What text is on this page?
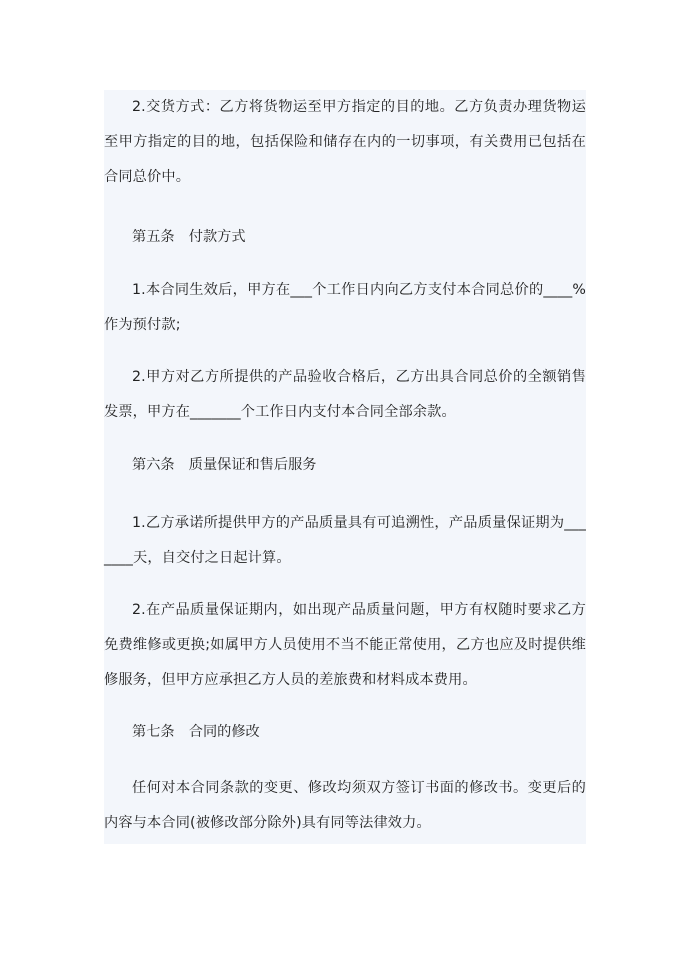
2.交货方式：乙方将货物运至甲方指定的目的地。乙方负责办理货物运至甲方指定的目的地，包括保险和储存在内的一切事项，有关费用已包括在合同总价中。

第五条　付款方式

1.本合同生效后，甲方在___个工作日内向乙方支付本合同总价的____% 作为预付款;

2.甲方对乙方所提供的产品验收合格后，乙方出具合同总价的全额销售发票，甲方在_______个工作日内支付本合同全部余款。

第六条　质量保证和售后服务

1.乙方承诺所提供甲方的产品质量具有可追溯性，产品质量保证期为_______天，自交付之日起计算。

2.在产品质量保证期内，如出现产品质量问题，甲方有权随时要求乙方免费维修或更换;如属甲方人员使用不当不能正常使用，乙方也应及时提供维修服务，但甲方应承担乙方人员的差旅费和材料成本费用。

第七条　合同的修改

任何对本合同条款的变更、修改均须双方签订书面的修改书。变更后的内容与本合同(被修改部分除外)具有同等法律效力。
